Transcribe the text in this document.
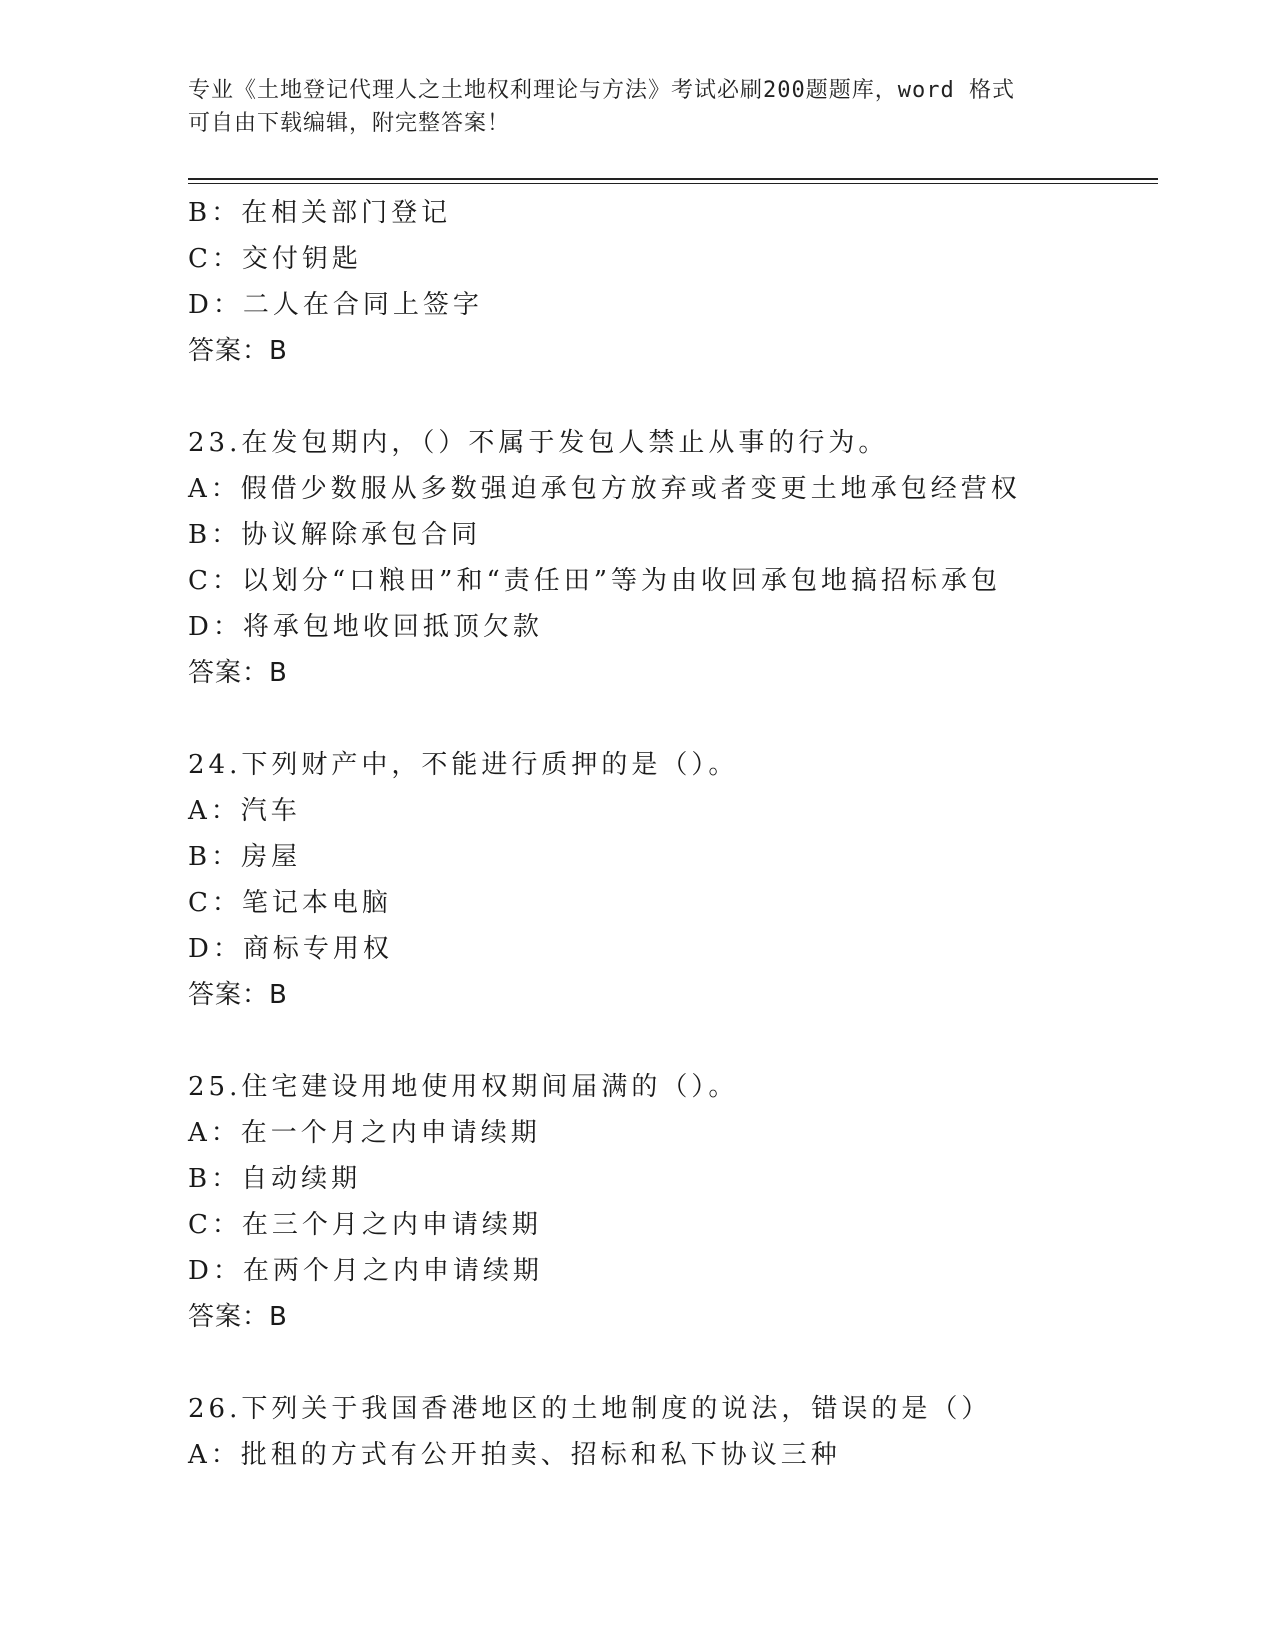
专业《土地登记代理人之土地权利理论与方法》考试必刷200题题库，word 格式
可自由下载编辑，附完整答案！
B：在相关部门登记
C：交付钥匙
D：二人在合同上签字
答案：B
23.在发包期内，（）不属于发包人禁止从事的行为。
A：假借少数服从多数强迫承包方放弃或者变更土地承包经营权
B：协议解除承包合同
C：以划分“口粮田”和“责任田”等为由收回承包地搞招标承包
D：将承包地收回抵顶欠款
答案：B
24.下列财产中，不能进行质押的是（）。
A：汽车
B：房屋
C：笔记本电脑
D：商标专用权
答案：B
25.住宅建设用地使用权期间届满的（）。
A：在一个月之内申请续期
B：自动续期
C：在三个月之内申请续期
D：在两个月之内申请续期
答案：B
26.下列关于我国香港地区的土地制度的说法，错误的是（）
A：批租的方式有公开拍卖、招标和私下协议三种
